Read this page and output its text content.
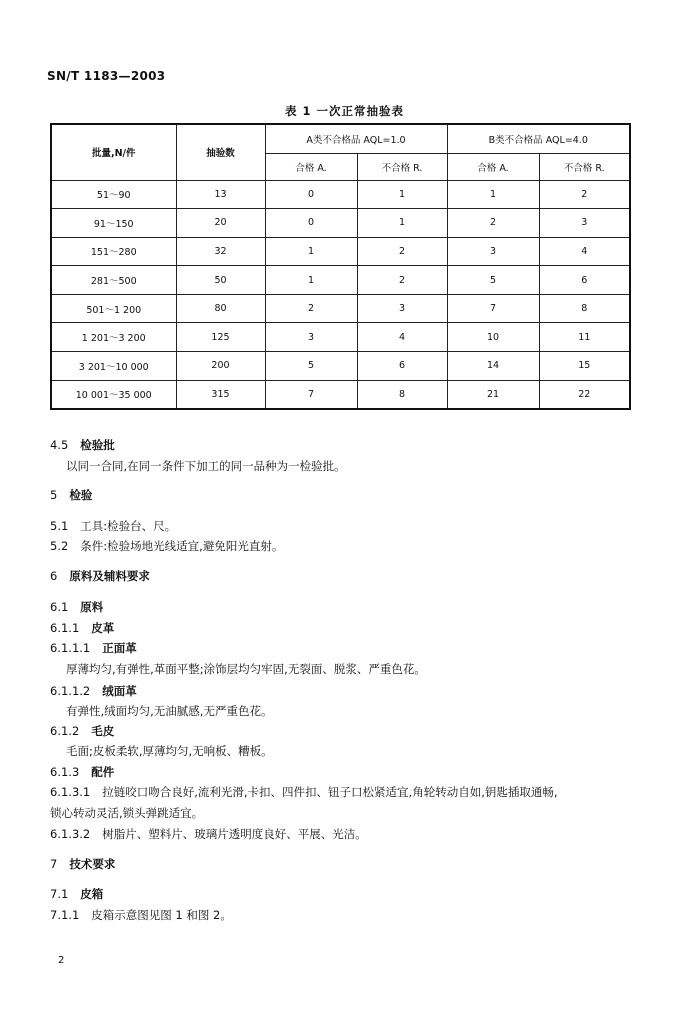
SN/T 1183—2003
表 1 一次正常抽验表
批量,N/件	抽验数	A类不合格品 AQL=1.0		B类不合格品 AQL=4.0	
		合格 A.	不合格 R.	合格 A.	不合格 R.
51～90	13	0	1	1	2
91～150	20	0	1	2	3
151～280	32	1	2	3	4
281～500	50	1	2	5	6
501～1 200	80	2	3	7	8
1 201～3 200	125	3	4	10	11
3 201～10 000	200	5	6	14	15
10 001～35 000	315	7	8	21	22
4.5 检验批
以同一合同,在同一条件下加工的同一品种为一检验批。
5 检验
5.1 工具:检验台、尺。
5.2 条件:检验场地光线适宜,避免阳光直射。
6 原料及辅料要求
6.1 原料
6.1.1 皮革
6.1.1.1 正面革
厚薄均匀,有弹性,革面平整;涂饰层均匀牢固,无裂面、脱浆、严重色花。
6.1.1.2 绒面革
有弹性,绒面均匀,无油腻感,无严重色花。
6.1.2 毛皮
毛面;皮板柔软,厚薄均匀,无响板、糟板。
6.1.3 配件
6.1.3.1 拉链咬口吻合良好,流利光滑,卡扣、四件扣、钮子口松紧适宜,角轮转动自如,钥匙插取通畅,
锁心转动灵活,锁头弹跳适宜。
6.1.3.2 树脂片、塑料片、玻璃片透明度良好、平展、光洁。
7 技术要求
7.1 皮箱
7.1.1 皮箱示意图见图 1 和图 2。
2
